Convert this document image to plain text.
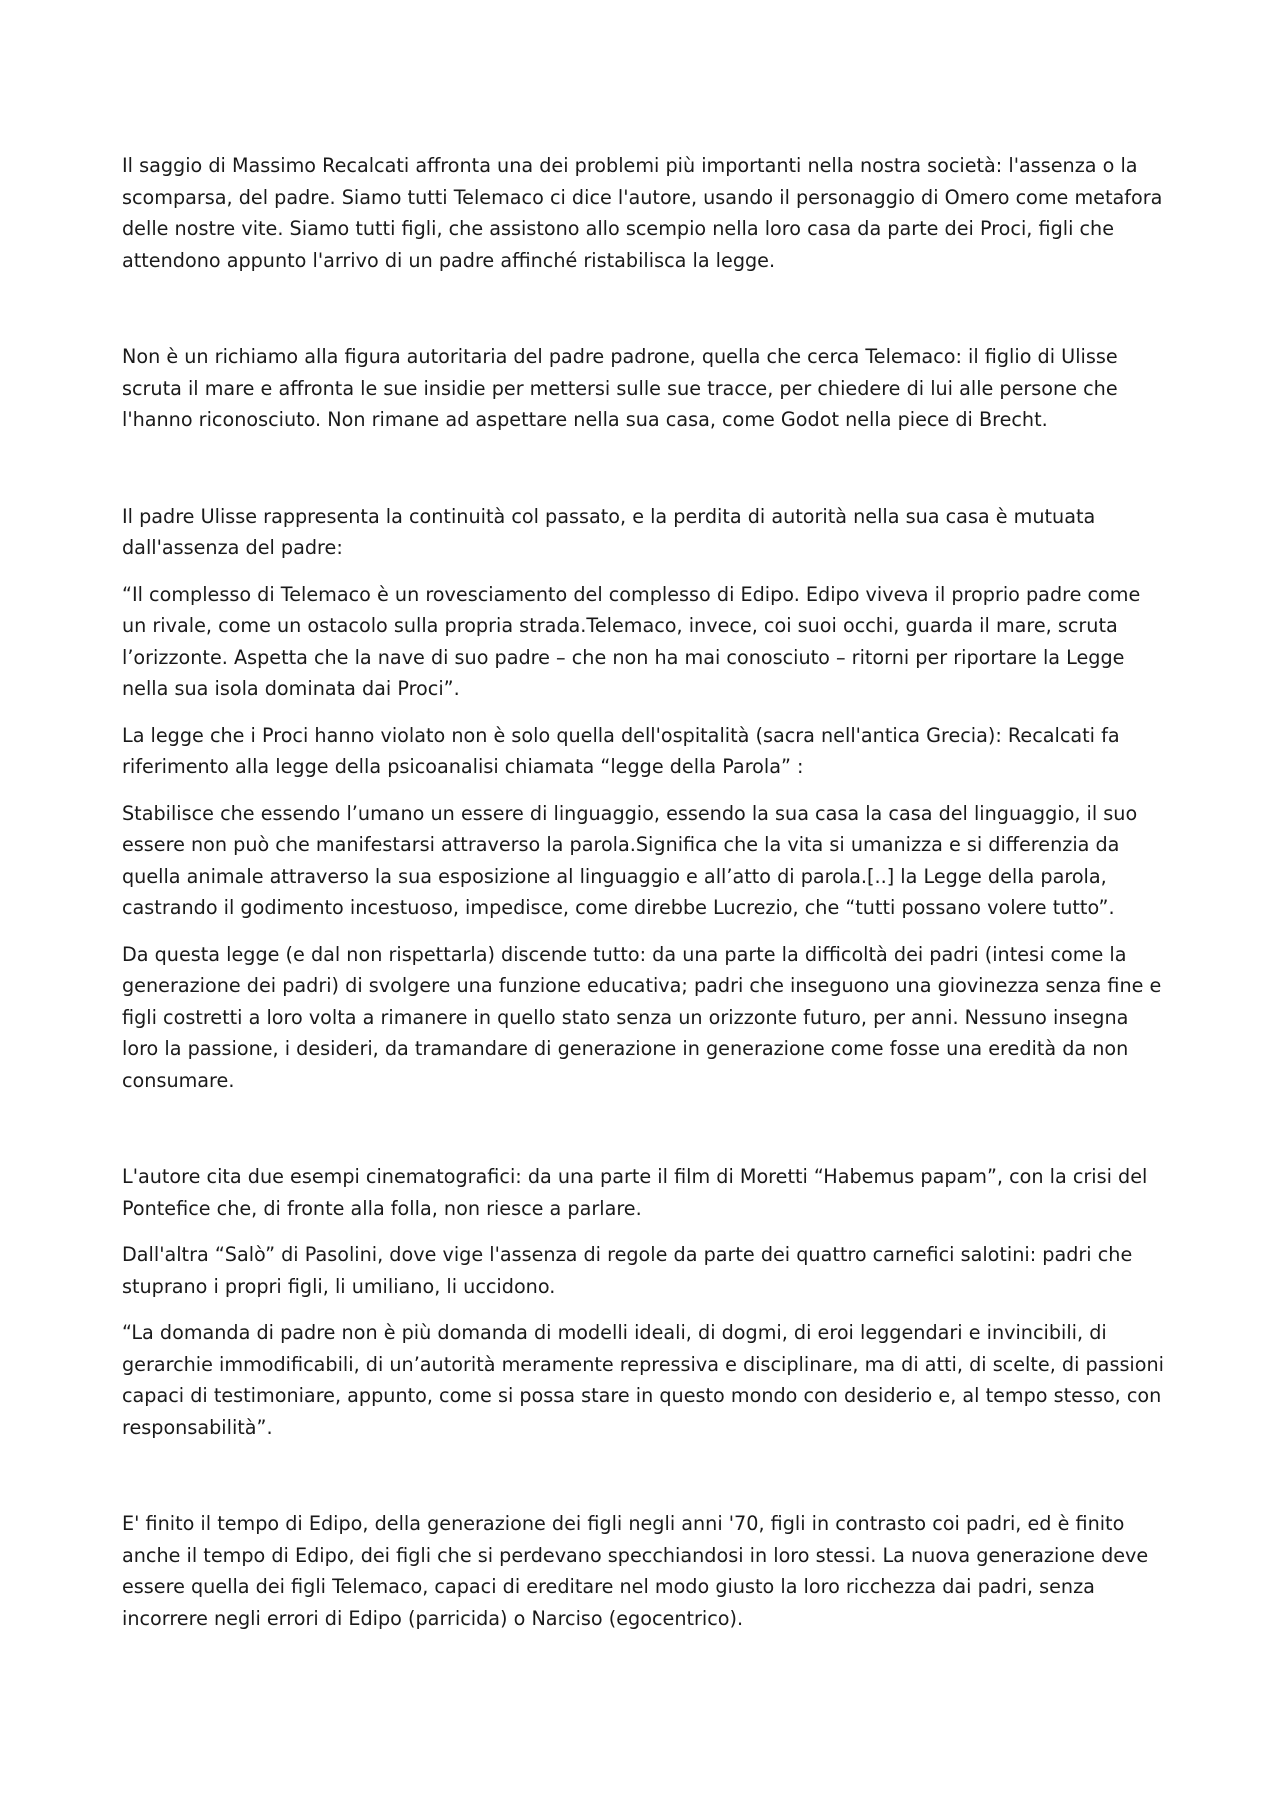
Il saggio di Massimo Recalcati affronta una dei problemi più importanti nella nostra società: l'assenza o la scomparsa, del padre. Siamo tutti Telemaco ci dice l'autore, usando il personaggio di Omero come metafora delle nostre vite. Siamo tutti figli, che assistono allo scempio nella loro casa da parte dei Proci, figli che attendono appunto l'arrivo di un padre affinché ristabilisca la legge.

Non è un richiamo alla figura autoritaria del padre padrone, quella che cerca Telemaco: il figlio di Ulisse scruta il mare e affronta le sue insidie per mettersi sulle sue tracce, per chiedere di lui alle persone che l'hanno riconosciuto. Non rimane ad aspettare nella sua casa, come Godot nella piece di Brecht.

Il padre Ulisse rappresenta la continuità col passato, e la perdita di autorità nella sua casa è mutuata dall'assenza del padre:

“Il complesso di Telemaco è un rovesciamento del complesso di Edipo. Edipo viveva il proprio padre come un rivale, come un ostacolo sulla propria strada.Telemaco, invece, coi suoi occhi, guarda il mare, scruta l’orizzonte. Aspetta che la nave di suo padre – che non ha mai conosciuto – ritorni per riportare la Legge nella sua isola dominata dai Proci”.

La legge che i Proci hanno violato non è solo quella dell'ospitalità (sacra nell'antica Grecia): Recalcati fa riferimento alla legge della psicoanalisi chiamata “legge della Parola” :

Stabilisce che essendo l’umano un essere di linguaggio, essendo la sua casa la casa del linguaggio, il suo essere non può che manifestarsi attraverso la parola.Significa che la vita si umanizza e si differenzia da quella animale attraverso la sua esposizione al linguaggio e all’atto di parola.[..] la Legge della parola, castrando il godimento incestuoso, impedisce, come direbbe Lucrezio, che “tutti possano volere tutto”.

Da questa legge (e dal non rispettarla) discende tutto: da una parte la difficoltà dei padri (intesi come la generazione dei padri) di svolgere una funzione educativa; padri che inseguono una giovinezza senza fine e figli costretti a loro volta a rimanere in quello stato senza un orizzonte futuro, per anni. Nessuno insegna loro la passione, i desideri, da tramandare di generazione in generazione come fosse una eredità da non consumare.

L'autore cita due esempi cinematografici: da una parte il film di Moretti “Habemus papam”, con la crisi del Pontefice che, di fronte alla folla, non riesce a parlare.

Dall'altra “Salò” di Pasolini, dove vige l'assenza di regole da parte dei quattro carnefici salotini: padri che stuprano i propri figli, li umiliano, li uccidono.

“La domanda di padre non è più domanda di modelli ideali, di dogmi, di eroi leggendari e invincibili, di gerarchie immodificabili, di un’autorità meramente repressiva e disciplinare, ma di atti, di scelte, di passioni capaci di testimoniare, appunto, come si possa stare in questo mondo con desiderio e, al tempo stesso, con responsabilità”.

E' finito il tempo di Edipo, della generazione dei figli negli anni '70, figli in contrasto coi padri, ed è finito anche il tempo di Edipo, dei figli che si perdevano specchiandosi in loro stessi. La nuova generazione deve essere quella dei figli Telemaco, capaci di ereditare nel modo giusto la loro ricchezza dai padri, senza incorrere negli errori di Edipo (parricida) o Narciso (egocentrico).
